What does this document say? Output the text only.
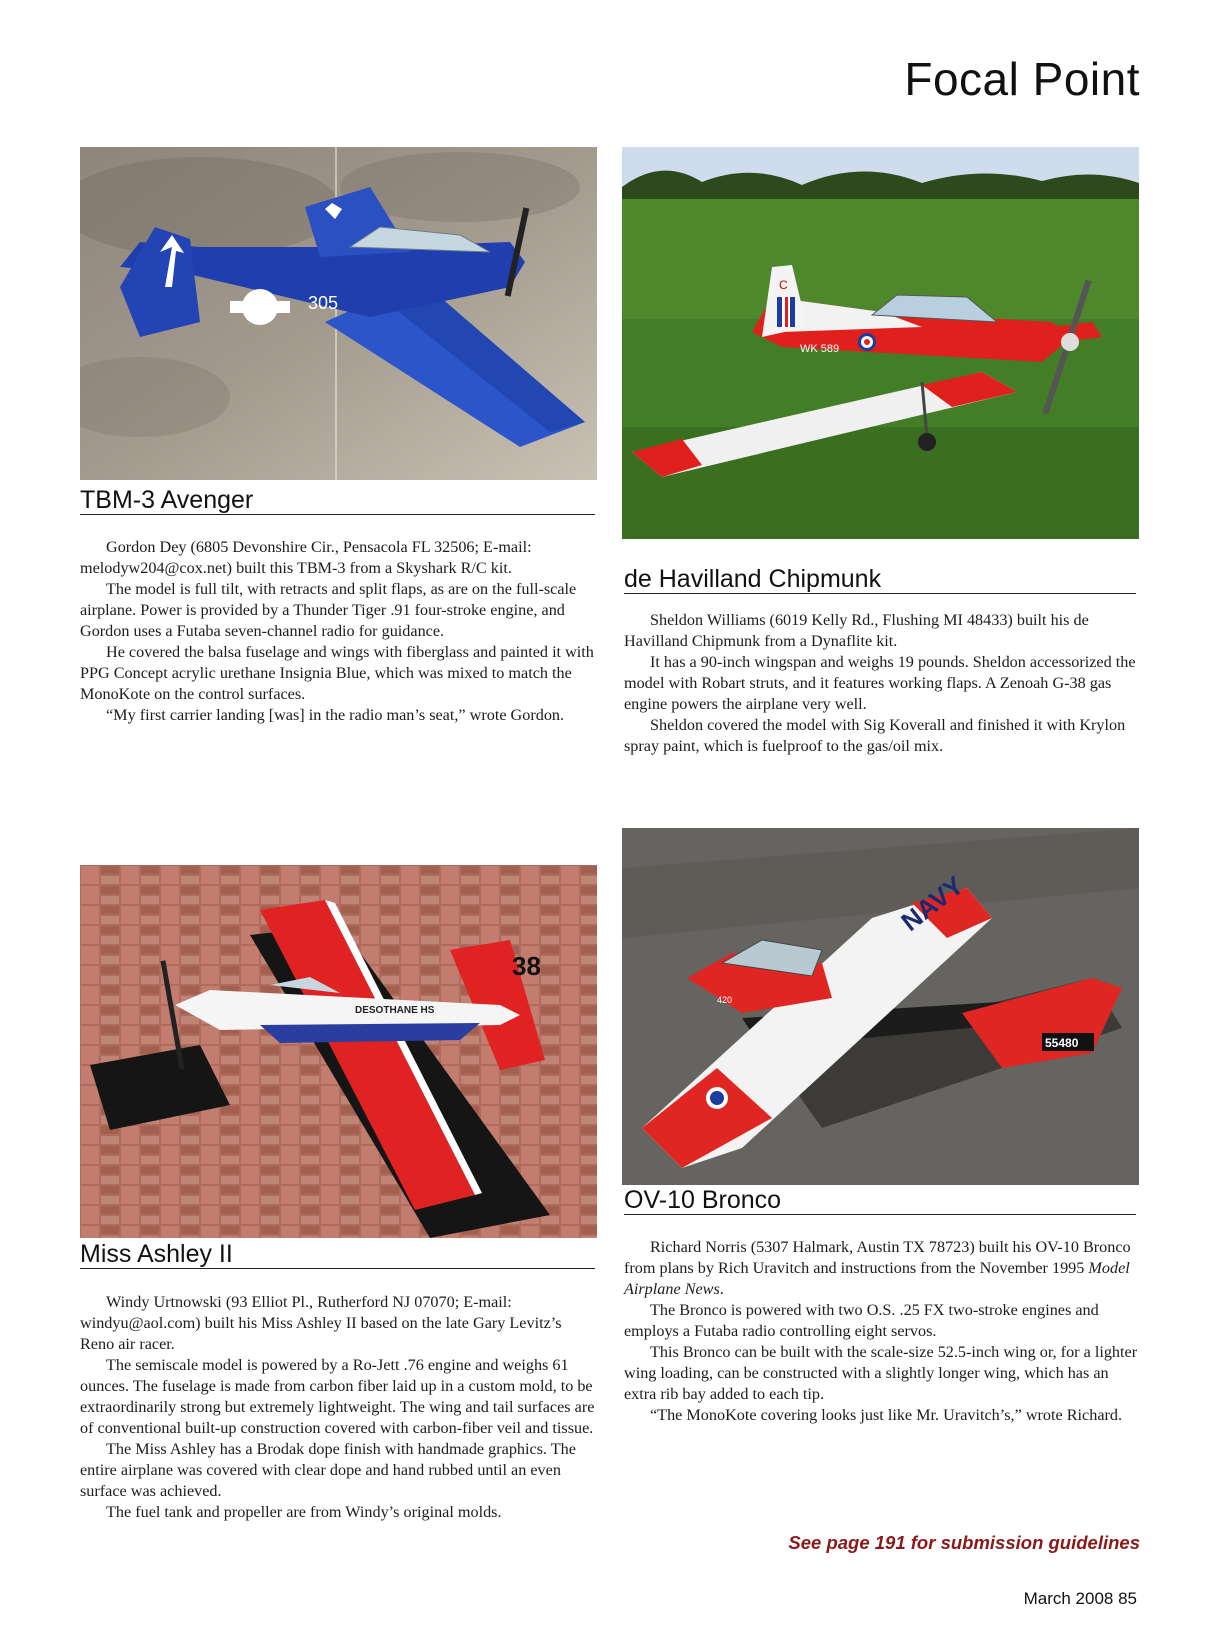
Focal Point
305
TBM-3 Avenger

Gordon Dey (6805 Devonshire Cir., Pensacola FL 32506; E-mail: melodyw204@cox.net) built this TBM-3 from a Skyshark R/C kit.

The model is full tilt, with retracts and split flaps, as are on the full-scale airplane. Power is provided by a Thunder Tiger .91 four-stroke engine, and Gordon uses a Futaba seven-channel radio for guidance.

He covered the balsa fuselage and wings with fiberglass and painted it with PPG Concept acrylic urethane Insignia Blue, which was mixed to match the MonoKote on the control surfaces.

“My first carrier landing [was] in the radio man’s seat,” wrote Gordon.

C
WK 589
de Havilland Chipmunk

Sheldon Williams (6019 Kelly Rd., Flushing MI 48433) built his de Havilland Chipmunk from a Dynaflite kit.

It has a 90-inch wingspan and weighs 19 pounds. Sheldon accessorized the model with Robart struts, and it features working flaps. A Zenoah G-38 gas engine powers the airplane very well.

Sheldon covered the model with Sig Koverall and finished it with Krylon spray paint, which is fuelproof to the gas/oil mix.

38
DESOTHANE HS
Miss Ashley II

Windy Urtnowski (93 Elliot Pl., Rutherford NJ 07070; E-mail: windyu@aol.com) built his Miss Ashley II based on the late Gary Levitz’s Reno air racer.

The semiscale model is powered by a Ro-Jett .76 engine and weighs 61 ounces. The fuselage is made from carbon fiber laid up in a custom mold, to be extraordinarily strong but extremely lightweight. The wing and tail surfaces are of conventional built-up construction covered with carbon-fiber veil and tissue.

The Miss Ashley has a Brodak dope finish with handmade graphics. The entire airplane was covered with clear dope and hand rubbed until an even surface was achieved.

The fuel tank and propeller are from Windy’s original molds.

NAVY
55480
420
OV-10 Bronco

Richard Norris (5307 Halmark, Austin TX 78723) built his OV-10 Bronco from plans by Rich Uravitch and instructions from the November 1995 Model Airplane News.

The Bronco is powered with two O.S. .25 FX two-stroke engines and employs a Futaba radio controlling eight servos.

This Bronco can be built with the scale-size 52.5-inch wing or, for a lighter wing loading, can be constructed with a slightly longer wing, which has an extra rib bay added to each tip.

“The MonoKote covering looks just like Mr. Uravitch’s,” wrote Richard.

See page 191 for submission guidelines
March 2008 85
